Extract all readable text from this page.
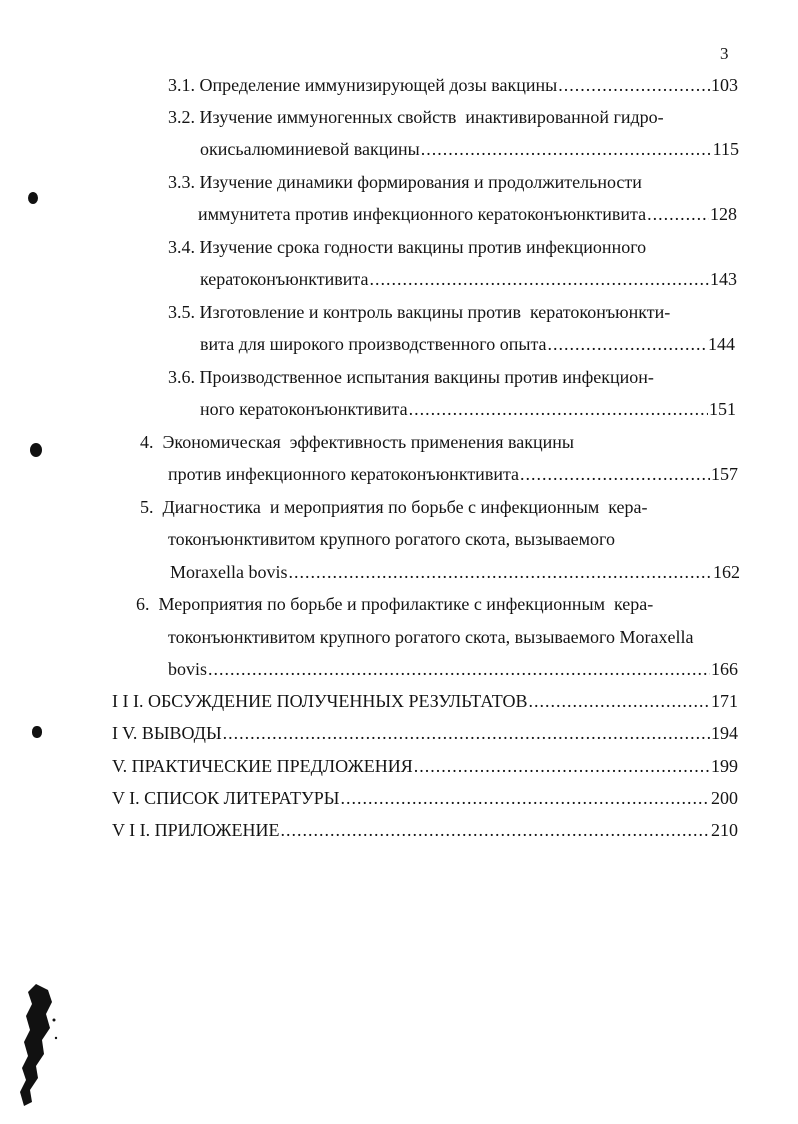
3
3.1. Определение иммунизирующей дозы вакцины .....	103
3.2. Изучение иммуногенных свойств  инактивированной гидро-
окисьалюминиевой вакцины .....	115
3.3. Изучение динамики формирования и продолжительности
иммунитета против инфекционного кератоконъюнктивита .....	128
3.4. Изучение срока годности вакцины против инфекционного
кератоконъюнктивита .....	143
3.5. Изготовление и контроль вакцины против  кератоконъюнкти-
вита для широкого производственного опыта .....	144
3.6. Производственное испытания вакцины против инфекцион-
ного кератоконъюнктивита .....	151
4.  Экономическая  эффективность применения вакцины
против инфекционного кератоконъюнктивита .....	157
5.  Диагностика  и мероприятия по борьбе с инфекционным  кера-
токонъюнктивитом крупного рогатого скота, вызываемого
Moraxella bovis .....	162
6.  Мероприятия по борьбе и профилактике с инфекционным  кера-
токонъюнктивитом крупного рогатого скота, вызываемого Moraxella
bovis .....	166
I I I. ОБСУЖДЕНИЕ ПОЛУЧЕННЫХ РЕЗУЛЬТАТОВ .....	171
I V. ВЫВОДЫ .....	194
V. ПРАКТИЧЕСКИЕ ПРЕДЛОЖЕНИЯ .....	199
V I. СПИСОК ЛИТЕРАТУРЫ .....	200
V I I. ПРИЛОЖЕНИЕ .....	210
